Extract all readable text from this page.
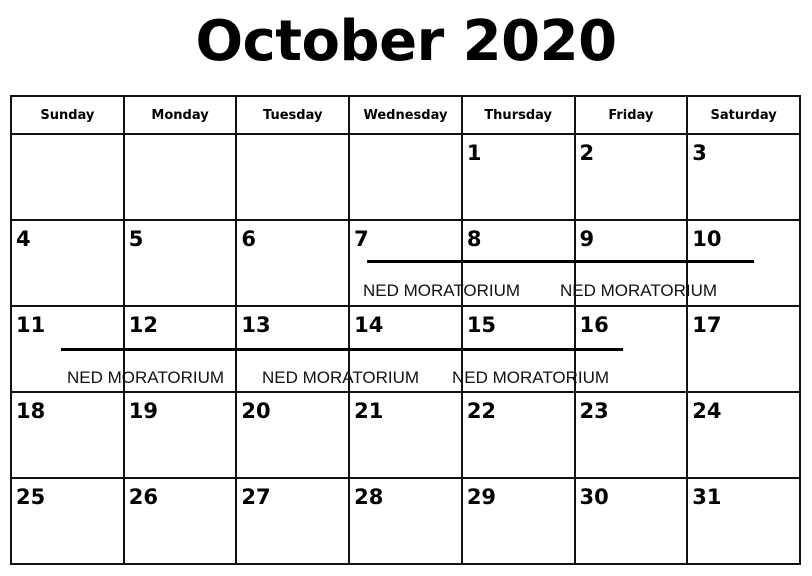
October 2020
Sunday	Monday	Tuesday	Wednesday	Thursday	Friday	Saturday

				1	2	3

4	5	6	7	8	9	10

11	12	13	14	15	16	17

18	19	20	21	22	23	24

25	26	27	28	29	30	31
NED MORATORIUM NED MORATORIUM
NED MORATORIUM NED MORATORIUM NED MORATORIUM
